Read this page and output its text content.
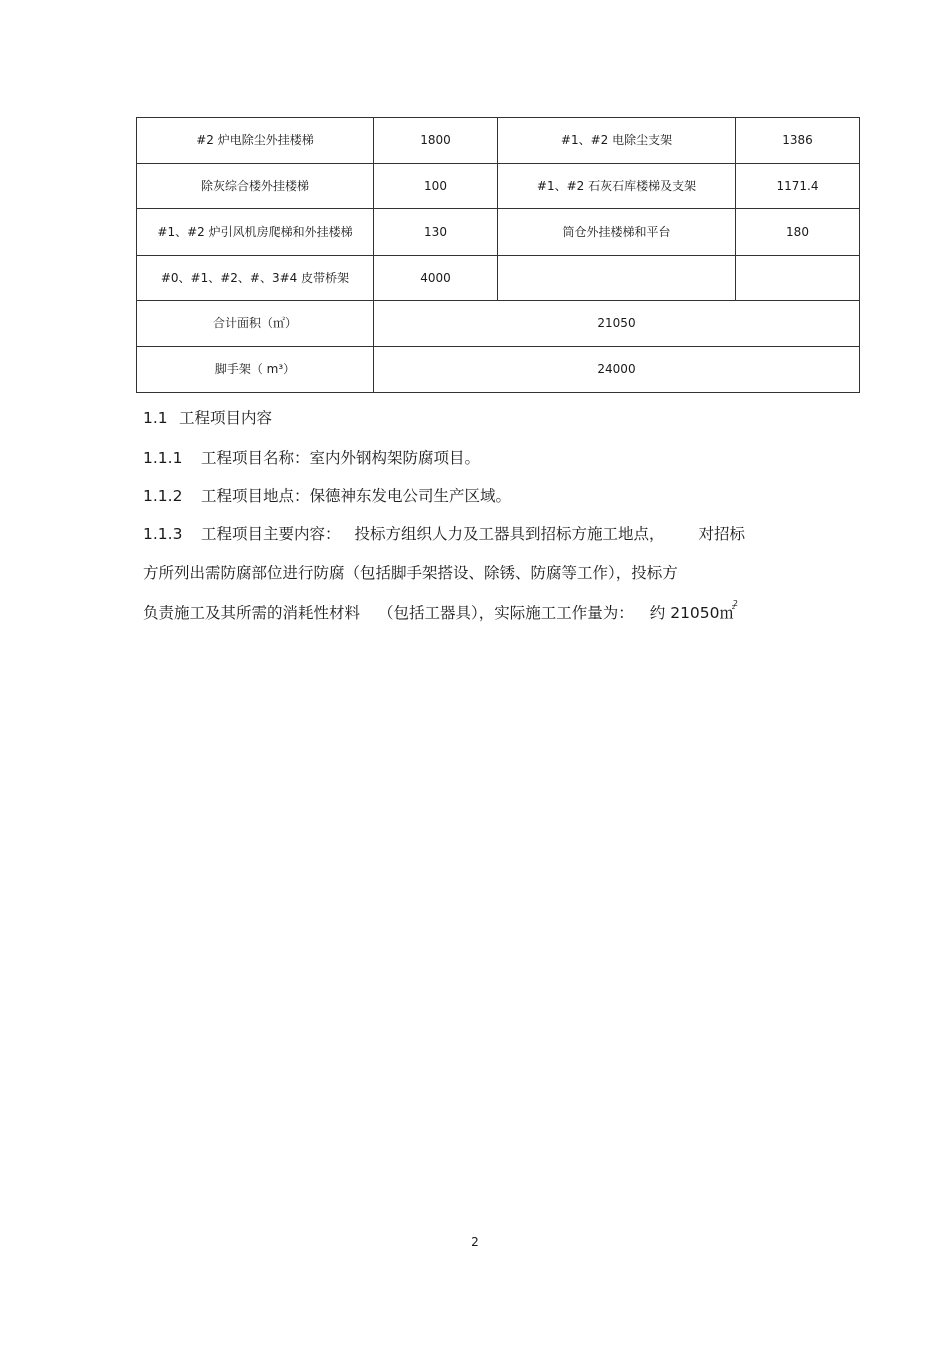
#2 炉电除尘外挂楼梯	1800	#1、#2 电除尘支架	1386
除灰综合楼外挂楼梯	100	#1、#2 石灰石库楼梯及支架	1171.4
#1、#2 炉引风机房爬梯和外挂楼梯	130	筒仓外挂楼梯和平台	180
#0、#1、#2、#、3#4 皮带桥架	4000		
合计面积（㎡）	21050		
脚手架（ m³）	24000		
1.1 工程项目内容
1.1.1 工程项目名称：室内外钢构架防腐项目。
1.1.2 工程项目地点：保德神东发电公司生产区域。
1.1.3 工程项目主要内容： 投标方组织人力及工器具到招标方施工地点， 对招标
方所列出需防腐部位进行防腐（包括脚手架搭设、除锈、防腐等工作），投标方
负责施工及其所需的消耗性材料 （包括工器具），实际施工工作量为： 约 21050㎡$^2$
2
